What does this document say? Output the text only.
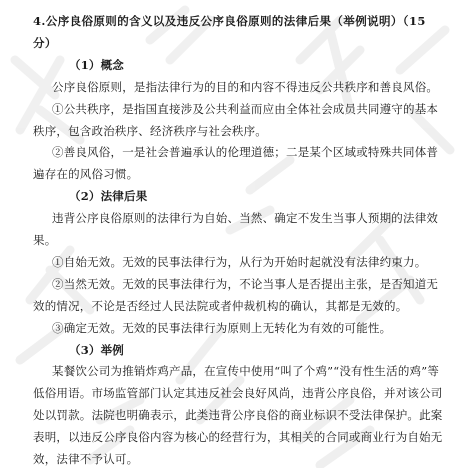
4.公序良俗原则的含义以及违反公序良俗原则的法律后果（举例说明）（15
分）
（1）概念
公序良俗原则，是指法律行为的目的和内容不得违反公共秩序和善良风俗。
①公共秩序，是指国直接涉及公共利益而应由全体社会成员共同遵守的基本
秩序，包含政治秩序、经济秩序与社会秩序。
②善良风俗，一是社会普遍承认的伦理道德；二是某个区域或特殊共同体普
遍存在的风俗习惯。
（2）法律后果
违背公序良俗原则的法律行为自始、当然、确定不发生当事人预期的法律效
果。
①自始无效。无效的民事法律行为，从行为开始时起就没有法律约束力。
②当然无效。无效的民事法律行为，不论当事人是否提出主张，是否知道无
效的情况，不论是否经过人民法院或者仲裁机构的确认，其都是无效的。
③确定无效。无效的民事法律行为原则上无转化为有效的可能性。
（3）举例
某餐饮公司为推销炸鸡产品，在宣传中使用“叫了个鸡”“没有性生活的鸡”等
低俗用语。市场监管部门认定其违反社会良好风尚，违背公序良俗，并对该公司
处以罚款。法院也明确表示，此类违背公序良俗的商业标识不受法律保护。此案
表明，以违反公序良俗内容为核心的经营行为，其相关的合同或商业行为自始无
效，法律不予认可。
